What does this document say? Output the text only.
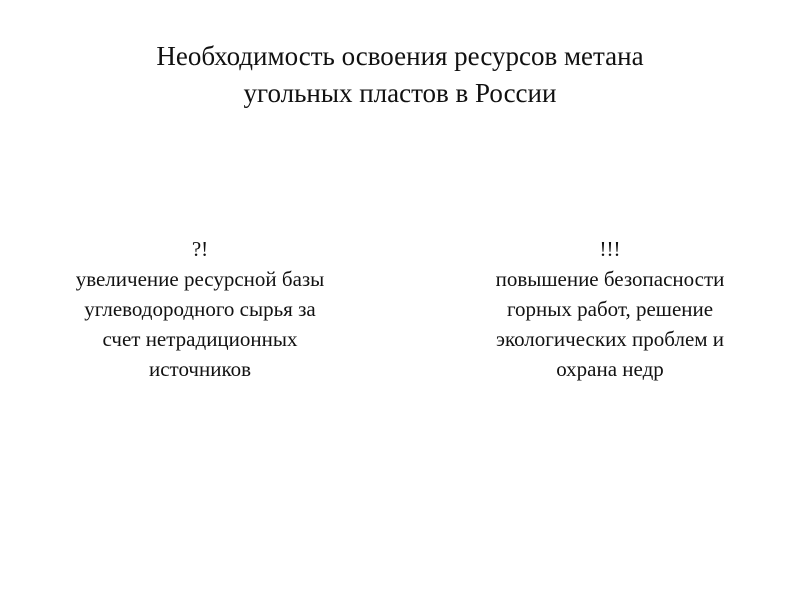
Необходимость освоения ресурсов метана
угольных пластов в России
?!
увеличение ресурсной базы
углеводородного сырья за
счет нетрадиционных
источников
!!!
повышение безопасности
горных работ, решение
экологических проблем и
охрана недр
